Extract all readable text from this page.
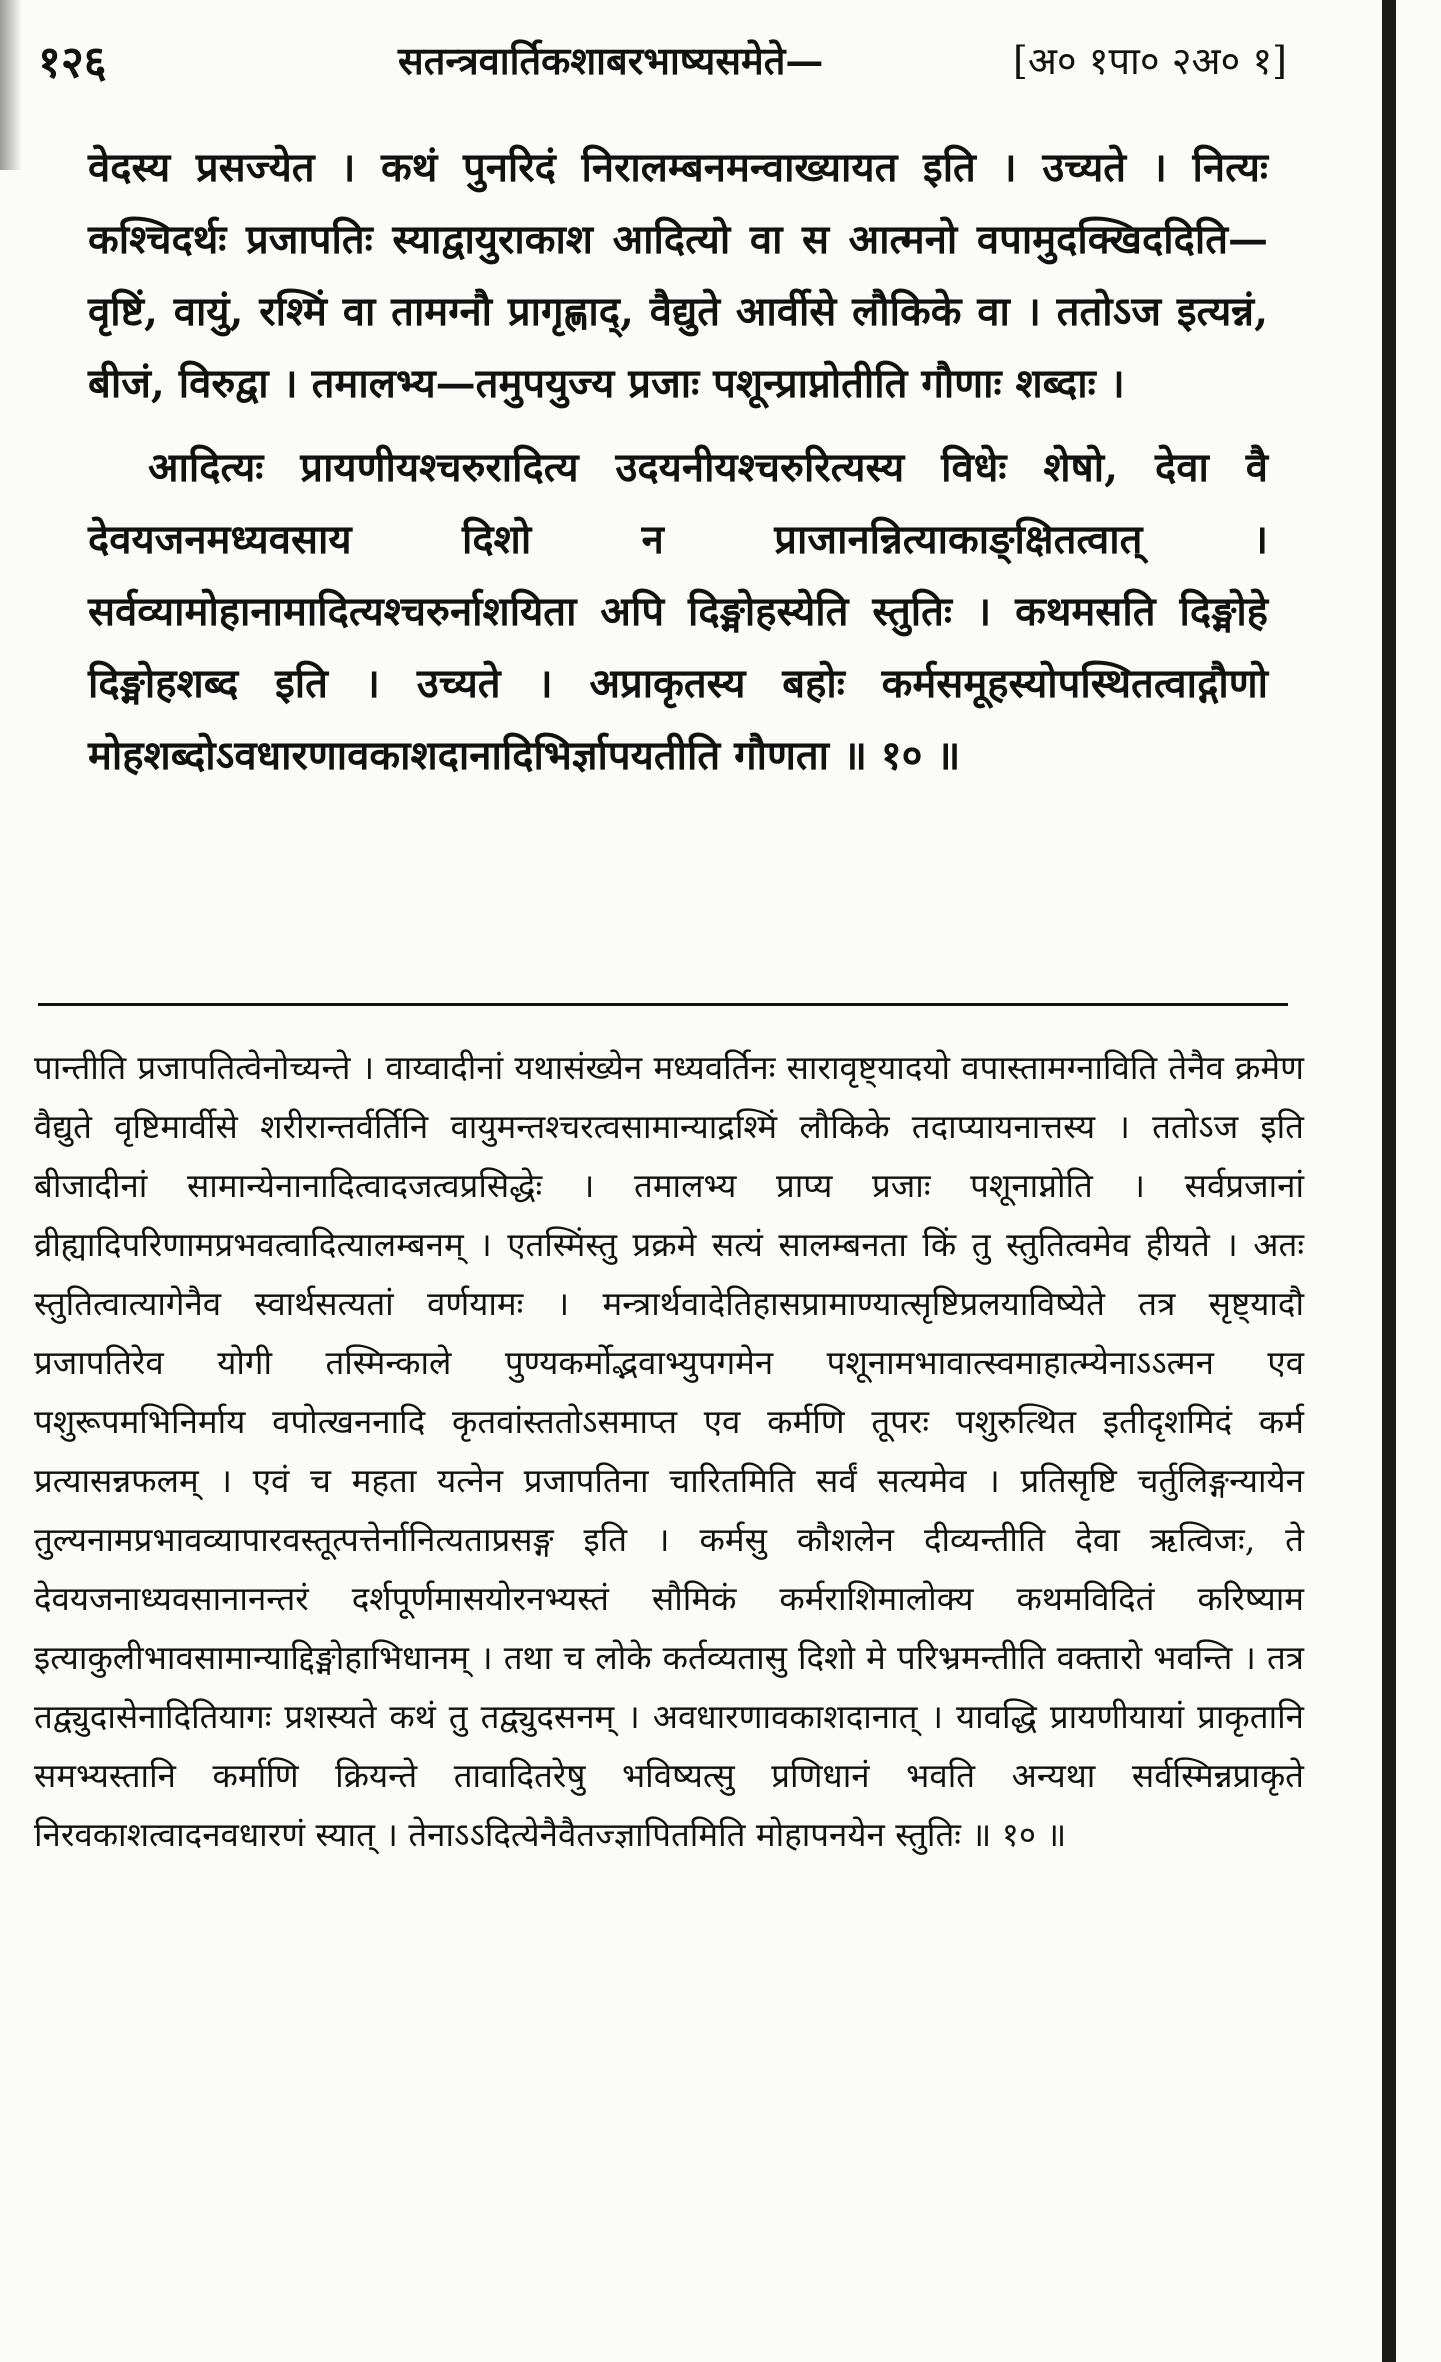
१२६	सतन्त्रवार्तिकशाबरभाष्यसमेते—	[अ० १पा० २अ० १]

वेदस्य प्रसज्येत । कथं पुनरिदं निरालम्बनमन्वाख्यायत इति । उच्यते । नित्यः कश्चिदर्थः प्रजापतिः स्याद्वायुराकाश आदित्यो वा स आत्मनो वपामुदक्खिददिति—वृष्टिं, वायुं, रश्मिं वा तामग्नौ प्रागृह्णाद्, वैद्युते आर्वीसे लौकिके वा । ततोऽज इत्यन्नं, बीजं, विरुद्वा । तमालभ्य—तमुपयुज्य प्रजाः पशून्प्राप्नोतीति गौणाः शब्दाः ।

आदित्यः प्रायणीयश्चरुरादित्य उदयनीयश्चरुरित्यस्य विधेः शेषो, देवा वै देवयजनमध्यवसाय दिशो न प्राजानन्नित्याकाङ्क्षितत्वात् । सर्वव्यामोहानामादित्यश्चरुर्नाशयिता अपि दिङ्मोहस्येति स्तुतिः । कथमसति दिङ्मोहे दिङ्मोहशब्द इति । उच्यते । अप्राकृतस्य बहोः कर्मसमूहस्योपस्थितत्वाद्गौणो मोहशब्दोऽवधारणावकाशदानादिभिर्ज्ञापयतीति गौणता ॥ १० ॥

पान्तीति प्रजापतित्वेनोच्यन्ते । वाय्वादीनां यथासंख्येन मध्यवर्तिनः सारावृष्ट्यादयो वपास्तामग्नाविति तेनैव क्रमेण वैद्युते वृष्टिमार्वीसे शरीरान्तर्वर्तिनि वायुमन्तश्चरत्वसामान्याद्रश्मिं लौकिके तदाप्यायनात्तस्य । ततोऽज इति बीजादीनां सामान्येनानादित्वादजत्वप्रसिद्धेः । तमालभ्य प्राप्य प्रजाः पशूनाप्नोति । सर्वप्रजानां व्रीह्यादिपरिणामप्रभवत्वादित्यालम्बनम् । एतस्मिंस्तु प्रक्रमे सत्यं सालम्बनता किं तु स्तुतित्वमेव हीयते । अतः स्तुतित्वात्यागेनैव स्वार्थसत्यतां वर्णयामः । मन्त्रार्थवादेतिहासप्रामाण्यात्सृष्टिप्रलयाविष्येते तत्र सृष्ट्यादौ प्रजापतिरेव योगी तस्मिन्काले पुण्यकर्मोद्भवाभ्युपगमेन पशूनामभावात्स्वमाहात्म्येनाऽऽत्मन एव पशुरूपमभिनिर्माय वपोत्खननादि कृतवांस्ततोऽसमाप्त एव कर्मणि तूपरः पशुरुत्थित इतीदृशमिदं कर्म प्रत्यासन्नफलम् । एवं च महता यत्नेन प्रजापतिना चारितमिति सर्वं सत्यमेव । प्रतिसृष्टि चर्तुलिङ्गन्यायेन तुल्यनामप्रभावव्यापारवस्तूत्पत्तेर्नानित्यताप्रसङ्ग इति । कर्मसु कौशलेन दीव्यन्तीति देवा ऋत्विजः, ते देवयजनाध्यवसानानन्तरं दर्शपूर्णमासयोरनभ्यस्तं सौमिकं कर्मराशिमालोक्य कथमविदितं करिष्याम इत्याकुलीभावसामान्याद्दिङ्मोहाभिधानम् । तथा च लोके कर्तव्यतासु दिशो मे परिभ्रमन्तीति वक्तारो भवन्ति । तत्र तद्व्युदासेनादितियागः प्रशस्यते कथं तु तद्व्युदसनम् । अवधारणावकाशदानात् । यावद्धि प्रायणीयायां प्राकृतानि समभ्यस्तानि कर्माणि क्रियन्ते तावादितरेषु भविष्यत्सु प्रणिधानं भवति अन्यथा सर्वस्मिन्नप्राकृते निरवकाशत्वादनवधारणं स्यात् । तेनाऽऽदित्येनैवैतज्ज्ञापितमिति मोहापनयेन स्तुतिः ॥ १० ॥
